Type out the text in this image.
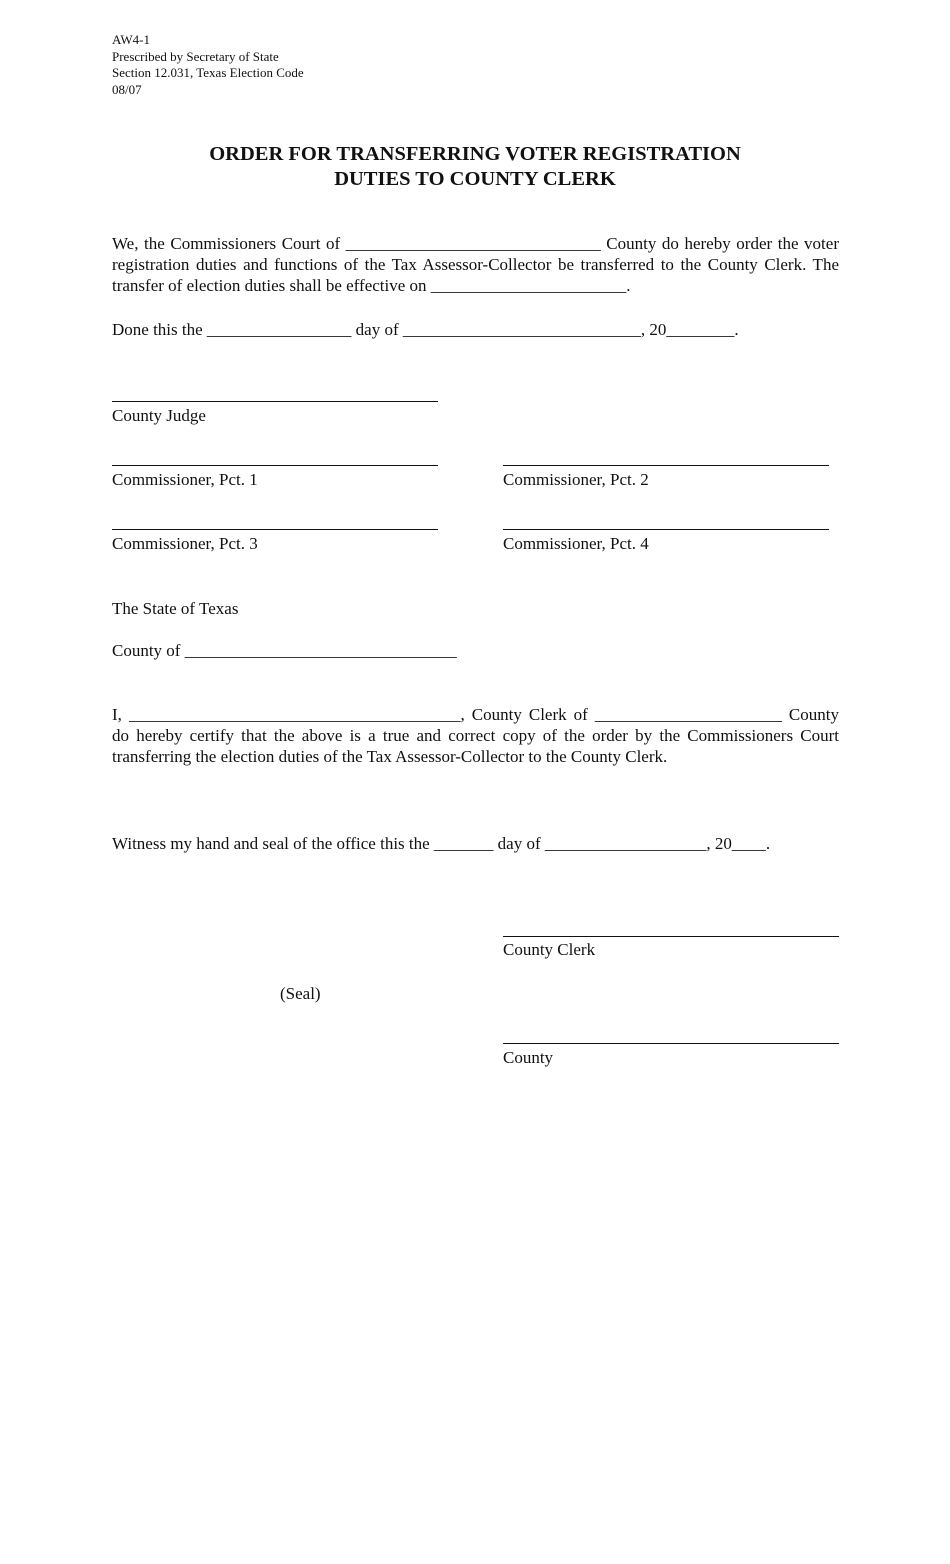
AW4-1
Prescribed by Secretary of State
Section 12.031, Texas Election Code
08/07
ORDER FOR TRANSFERRING VOTER REGISTRATION
DUTIES TO COUNTY CLERK
We, the Commissioners Court of ______________________________ County do hereby order the voter registration duties and functions of the Tax Assessor-Collector be transferred to the County Clerk. The transfer of election duties shall be effective on _______________________.
Done this the _________________ day of ____________________________, 20________.
County Judge
Commissioner, Pct. 1	Commissioner, Pct. 2
Commissioner, Pct. 3	Commissioner, Pct. 4
The State of Texas
County of ________________________________
I, _______________________________________, County Clerk of ______________________ County do hereby certify that the above is a true and correct copy of the order by the Commissioners Court transferring the election duties of the Tax Assessor-Collector to the County Clerk.
Witness my hand and seal of the office this the _______ day of ___________________, 20____.
County Clerk
(Seal)
County
